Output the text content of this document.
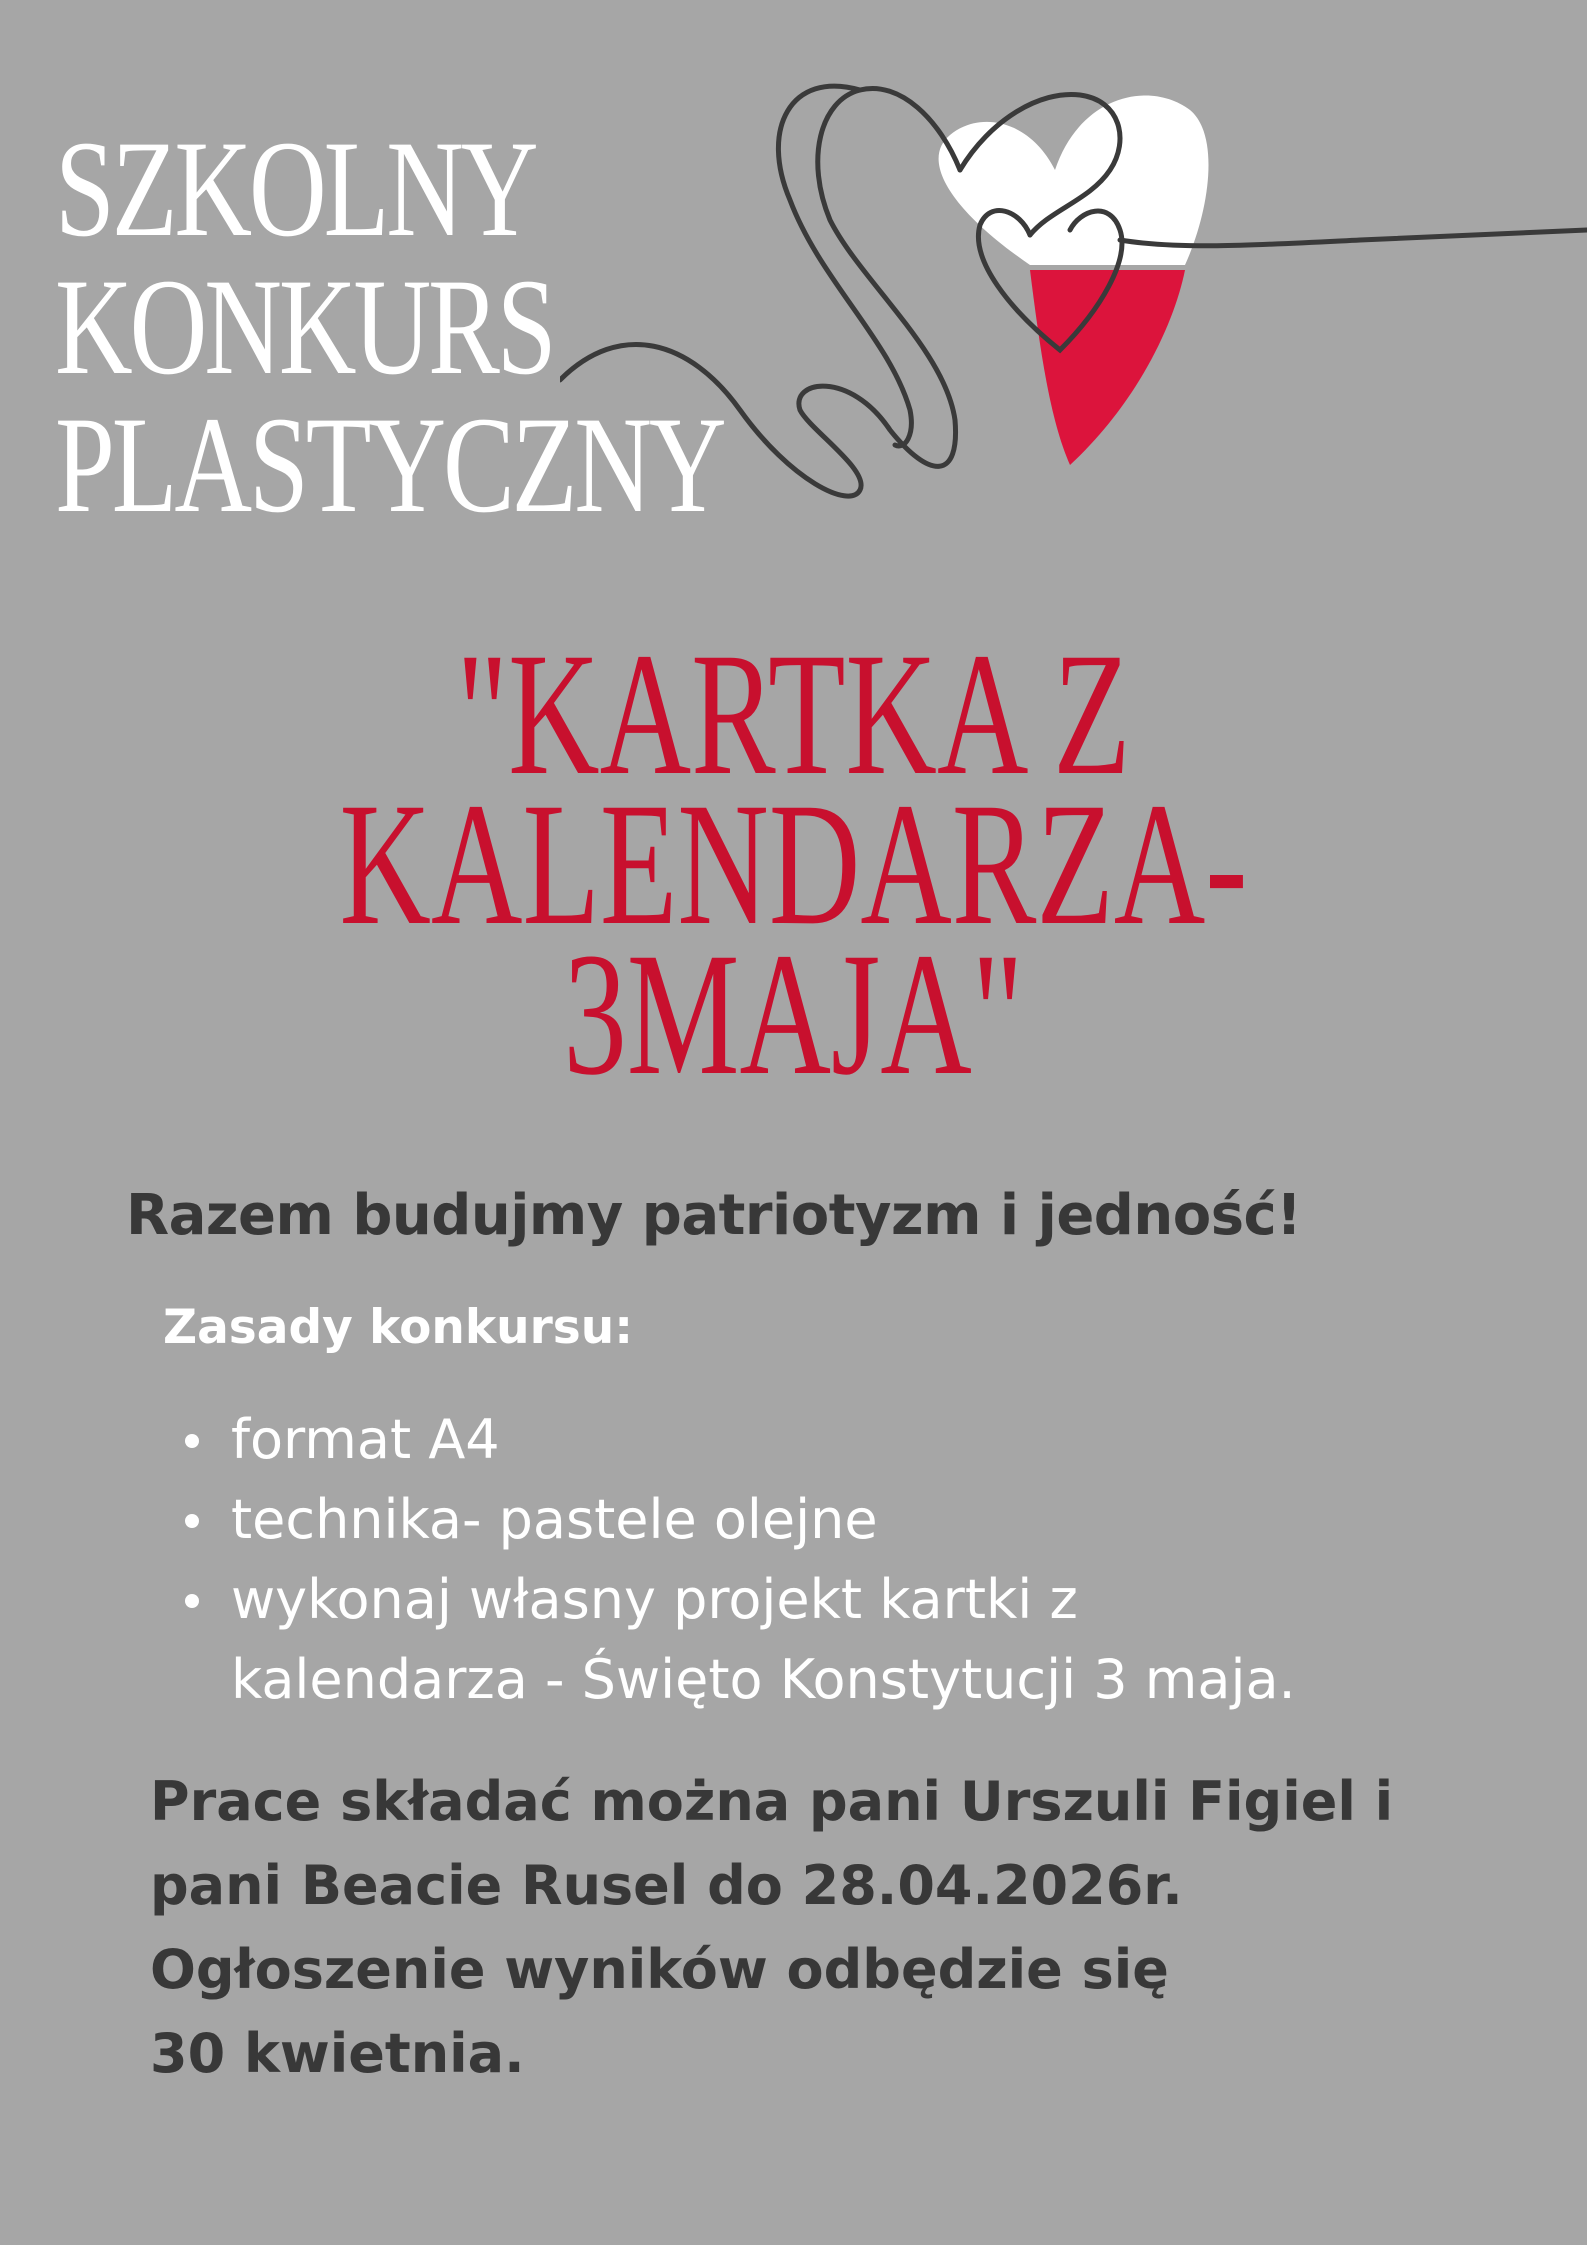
SZKOLNY
KONKURS
PLASTYCZNY
"KARTKA Z
KALENDARZA-
3MAJA"

Razem budujmy patriotyzm i jedność!

Zasady konkursu:

format A4
technika- pastele olejne
wykonaj własny projekt kartki z
kalendarza - Święto Konstytucji 3 maja.
Prace składać można pani Urszuli Figiel i
pani Beacie Rusel do 28.04.2026r.
Ogłoszenie wyników odbędzie się
30 kwietnia.
